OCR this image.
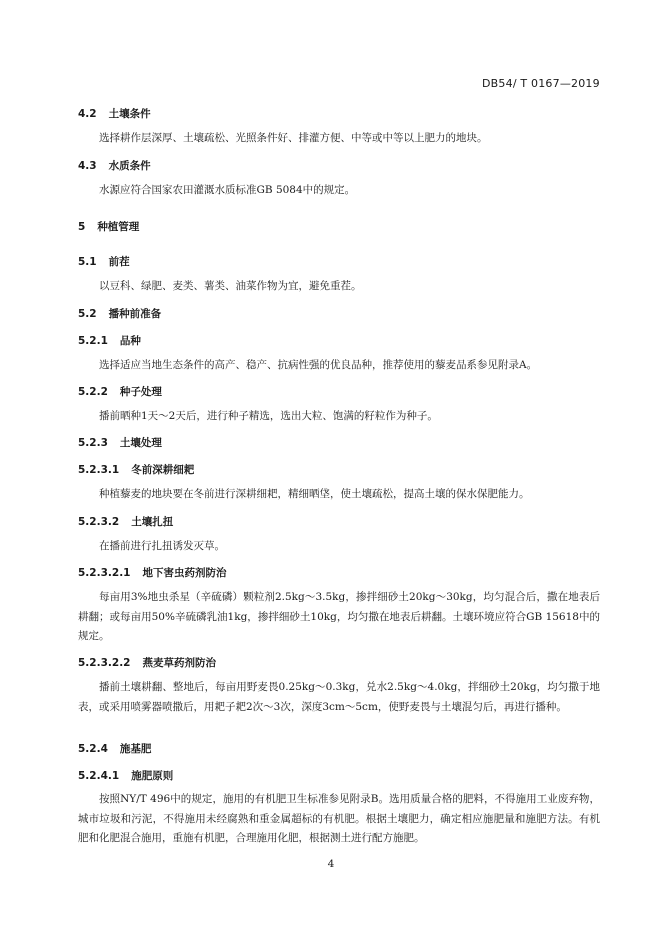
DB54/ T 0167—2019
4.2 土壤条件
选择耕作层深厚、土壤疏松、光照条件好、排灌方便、中等或中等以上肥力的地块。
4.3 水质条件
水源应符合国家农田灌溉水质标准GB 5084中的规定。
5 种植管理
5.1 前茬
以豆科、绿肥、麦类、薯类、油菜作物为宜，避免重茬。
5.2 播种前准备
5.2.1 品种
选择适应当地生态条件的高产、稳产、抗病性强的优良品种，推荐使用的藜麦品系参见附录A。
5.2.2 种子处理
播前晒种1天～2天后，进行种子精选，选出大粒、饱满的籽粒作为种子。
5.2.3 土壤处理
5.2.3.1 冬前深耕细耙
种植藜麦的地块要在冬前进行深耕细耙，精细晒垡，使土壤疏松，提高土壤的保水保肥能力。
5.2.3.2 土壤扎扭
在播前进行扎扭诱发灭草。
5.2.3.2.1 地下害虫药剂防治
每亩用3%地虫杀星（辛硫磷）颗粒剂2.5kg～3.5kg，掺拌细砂土20kg～30kg，均匀混合后，撒在地表后耕翻；或每亩用50%辛硫磷乳油1kg，掺拌细砂土10kg，均匀撒在地表后耕翻。土壤环境应符合GB 15618中的规定。
5.2.3.2.2 燕麦草药剂防治
播前土壤耕翻、整地后，每亩用野麦畏0.25kg～0.3kg，兑水2.5kg～4.0kg，拌细砂土20kg，均匀撒于地表，或采用喷雾器喷撒后，用耙子耙2次～3次，深度3cm～5cm，使野麦畏与土壤混匀后，再进行播种。
5.2.4 施基肥
5.2.4.1 施肥原则
按照NY/T 496中的规定，施用的有机肥卫生标准参见附录B。选用质量合格的肥料，不得施用工业废弃物，城市垃圾和污泥，不得施用未经腐熟和重金属超标的有机肥。根据土壤肥力，确定相应施肥量和施肥方法。有机肥和化肥混合施用，重施有机肥，合理施用化肥，根据测土进行配方施肥。
4
